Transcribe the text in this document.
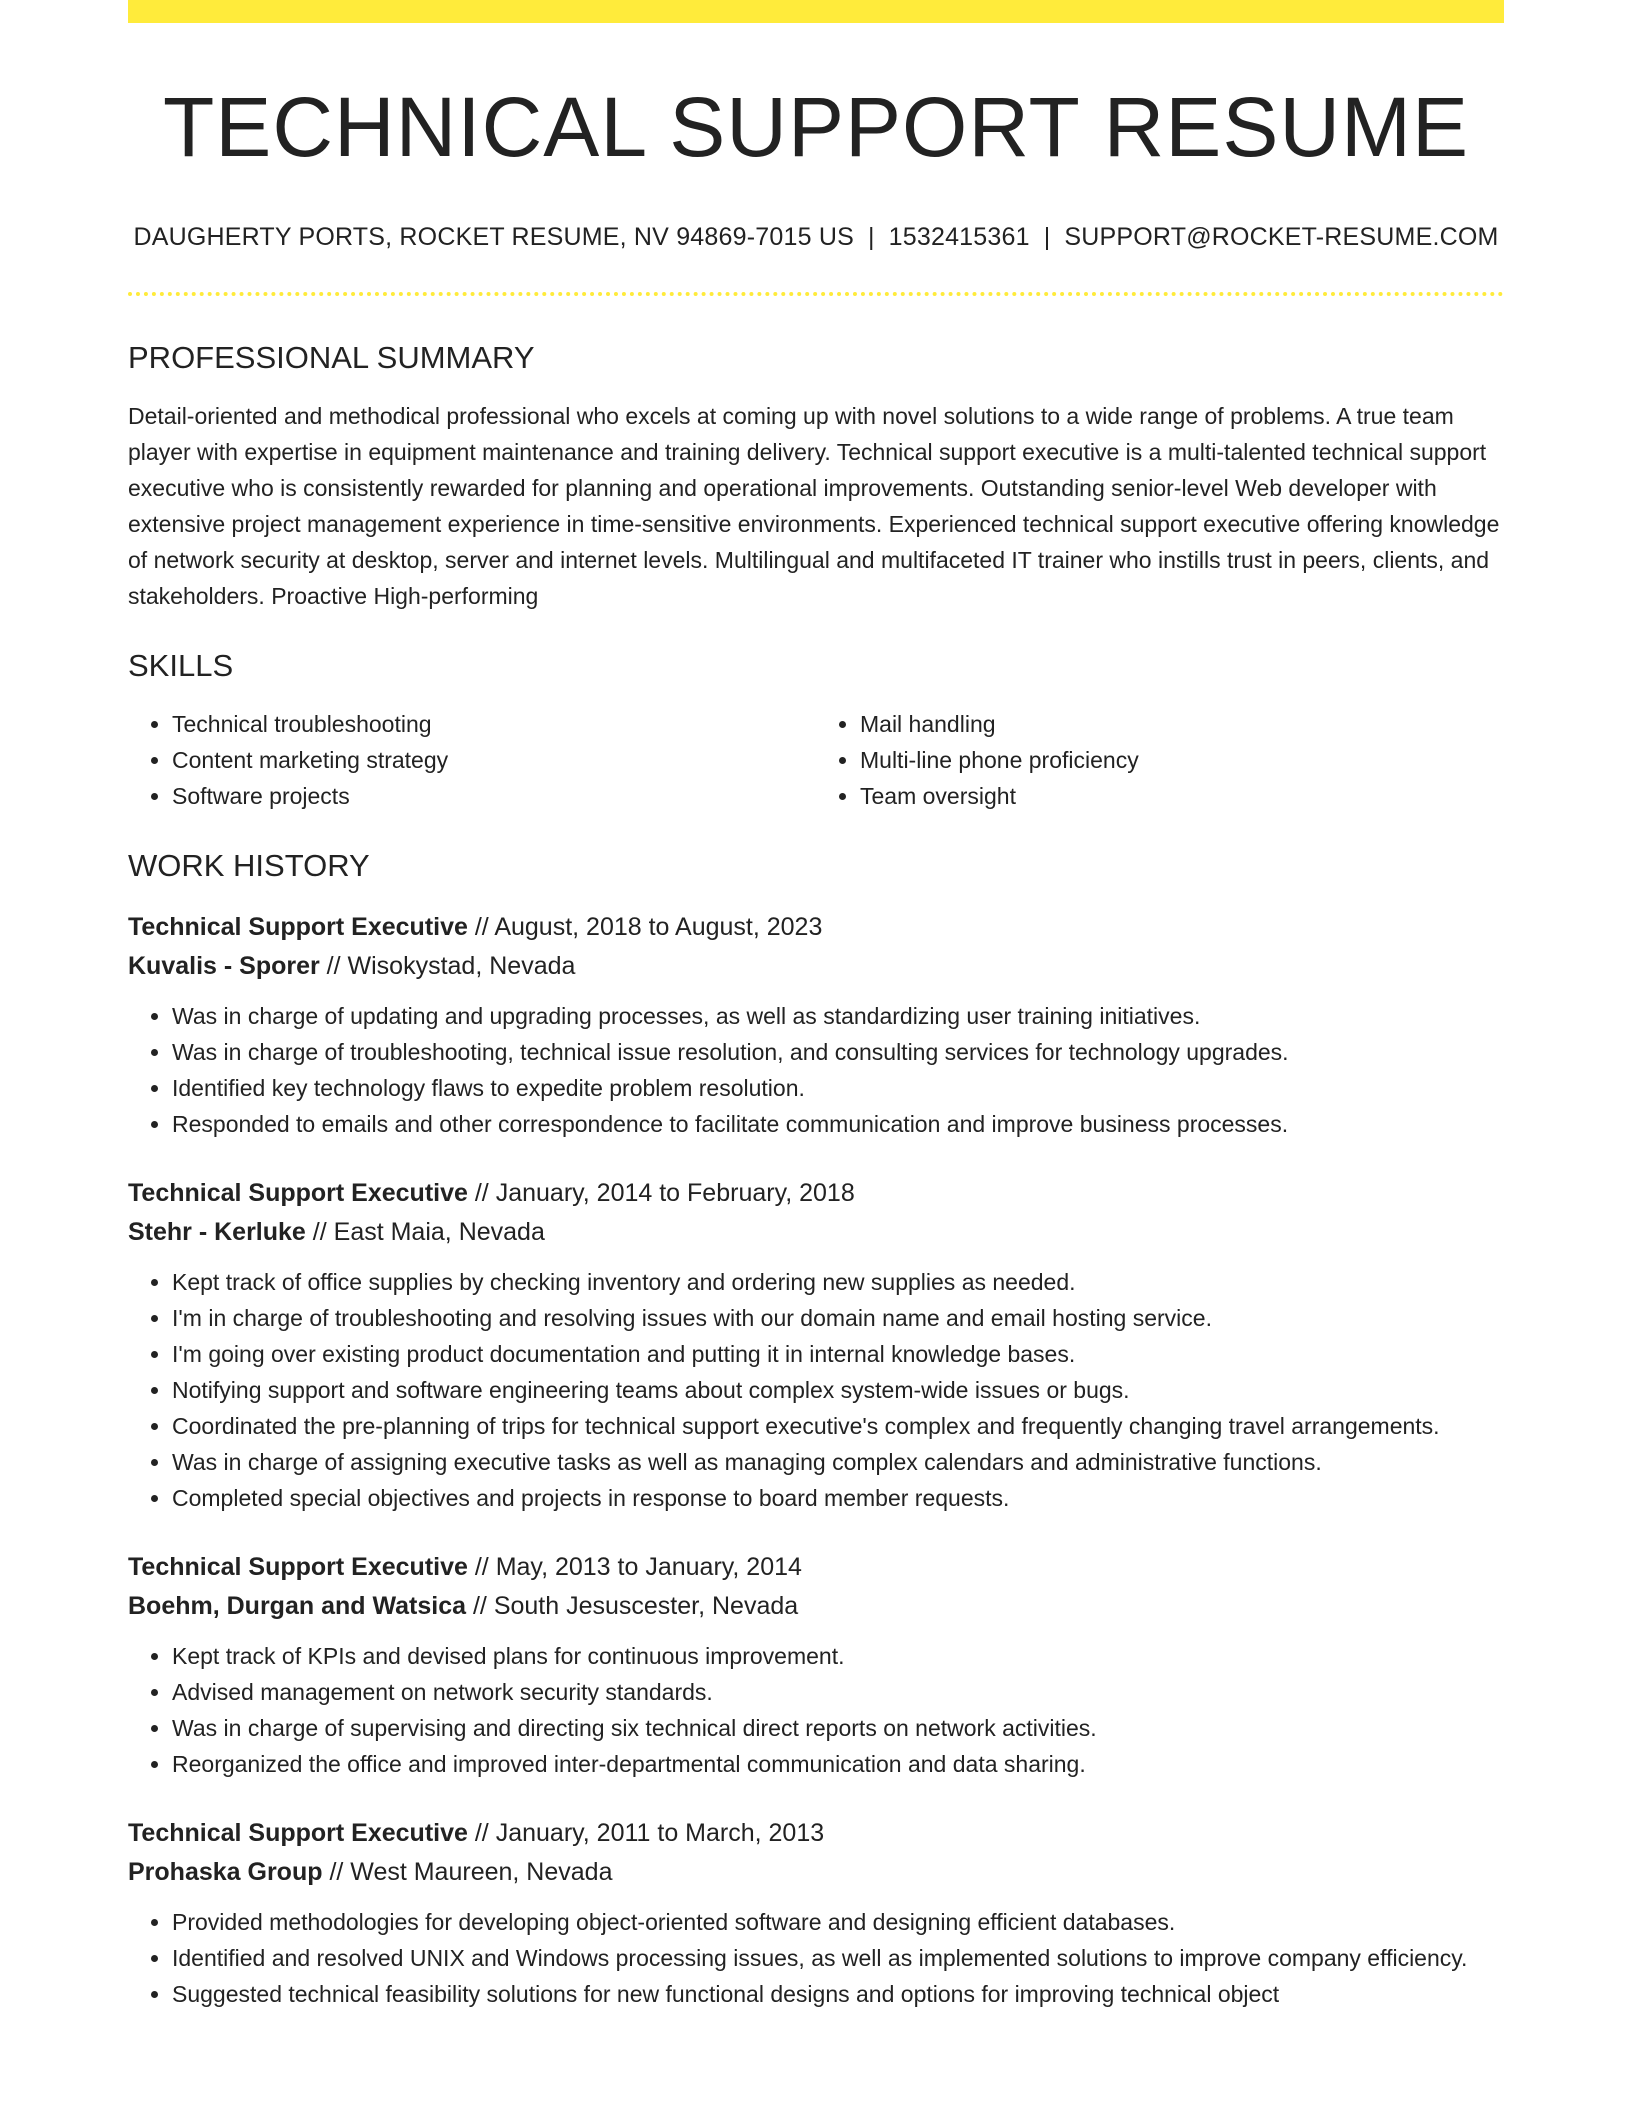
TECHNICAL SUPPORT RESUME
DAUGHERTY PORTS, ROCKET RESUME, NV 94869-7015 US | 1532415361 | SUPPORT@ROCKET-RESUME.COM
PROFESSIONAL SUMMARY

Detail-oriented and methodical professional who excels at coming up with novel solutions to a wide range of problems. A true team player with expertise in equipment maintenance and training delivery. Technical support executive is a multi-talented technical support executive who is consistently rewarded for planning and operational improvements. Outstanding senior-level Web developer with extensive project management experience in time-sensitive environments. Experienced technical support executive offering knowledge of network security at desktop, server and internet levels. Multilingual and multifaceted IT trainer who instills trust in peers, clients, and stakeholders. Proactive High-performing

SKILLS
• Technical troubleshooting
• Content marketing strategy
• Software projects
• Mail handling
• Multi-line phone proficiency
• Team oversight
WORK HISTORY
Technical Support Executive // August, 2018 to August, 2023
Kuvalis - Sporer // Wisokystad, Nevada
• Was in charge of updating and upgrading processes, as well as standardizing user training initiatives.
• Was in charge of troubleshooting, technical issue resolution, and consulting services for technology upgrades.
• Identified key technology flaws to expedite problem resolution.
• Responded to emails and other correspondence to facilitate communication and improve business processes.
Technical Support Executive // January, 2014 to February, 2018
Stehr - Kerluke // East Maia, Nevada
• Kept track of office supplies by checking inventory and ordering new supplies as needed.
• I'm in charge of troubleshooting and resolving issues with our domain name and email hosting service.
• I'm going over existing product documentation and putting it in internal knowledge bases.
• Notifying support and software engineering teams about complex system-wide issues or bugs.
• Coordinated the pre-planning of trips for technical support executive's complex and frequently changing travel arrangements.
• Was in charge of assigning executive tasks as well as managing complex calendars and administrative functions.
• Completed special objectives and projects in response to board member requests.
Technical Support Executive // May, 2013 to January, 2014
Boehm, Durgan and Watsica // South Jesuscester, Nevada
• Kept track of KPIs and devised plans for continuous improvement.
• Advised management on network security standards.
• Was in charge of supervising and directing six technical direct reports on network activities.
• Reorganized the office and improved inter-departmental communication and data sharing.
Technical Support Executive // January, 2011 to March, 2013
Prohaska Group // West Maureen, Nevada
• Provided methodologies for developing object-oriented software and designing efficient databases.
• Identified and resolved UNIX and Windows processing issues, as well as implemented solutions to improve company efficiency.
• Suggested technical feasibility solutions for new functional designs and options for improving technical object
